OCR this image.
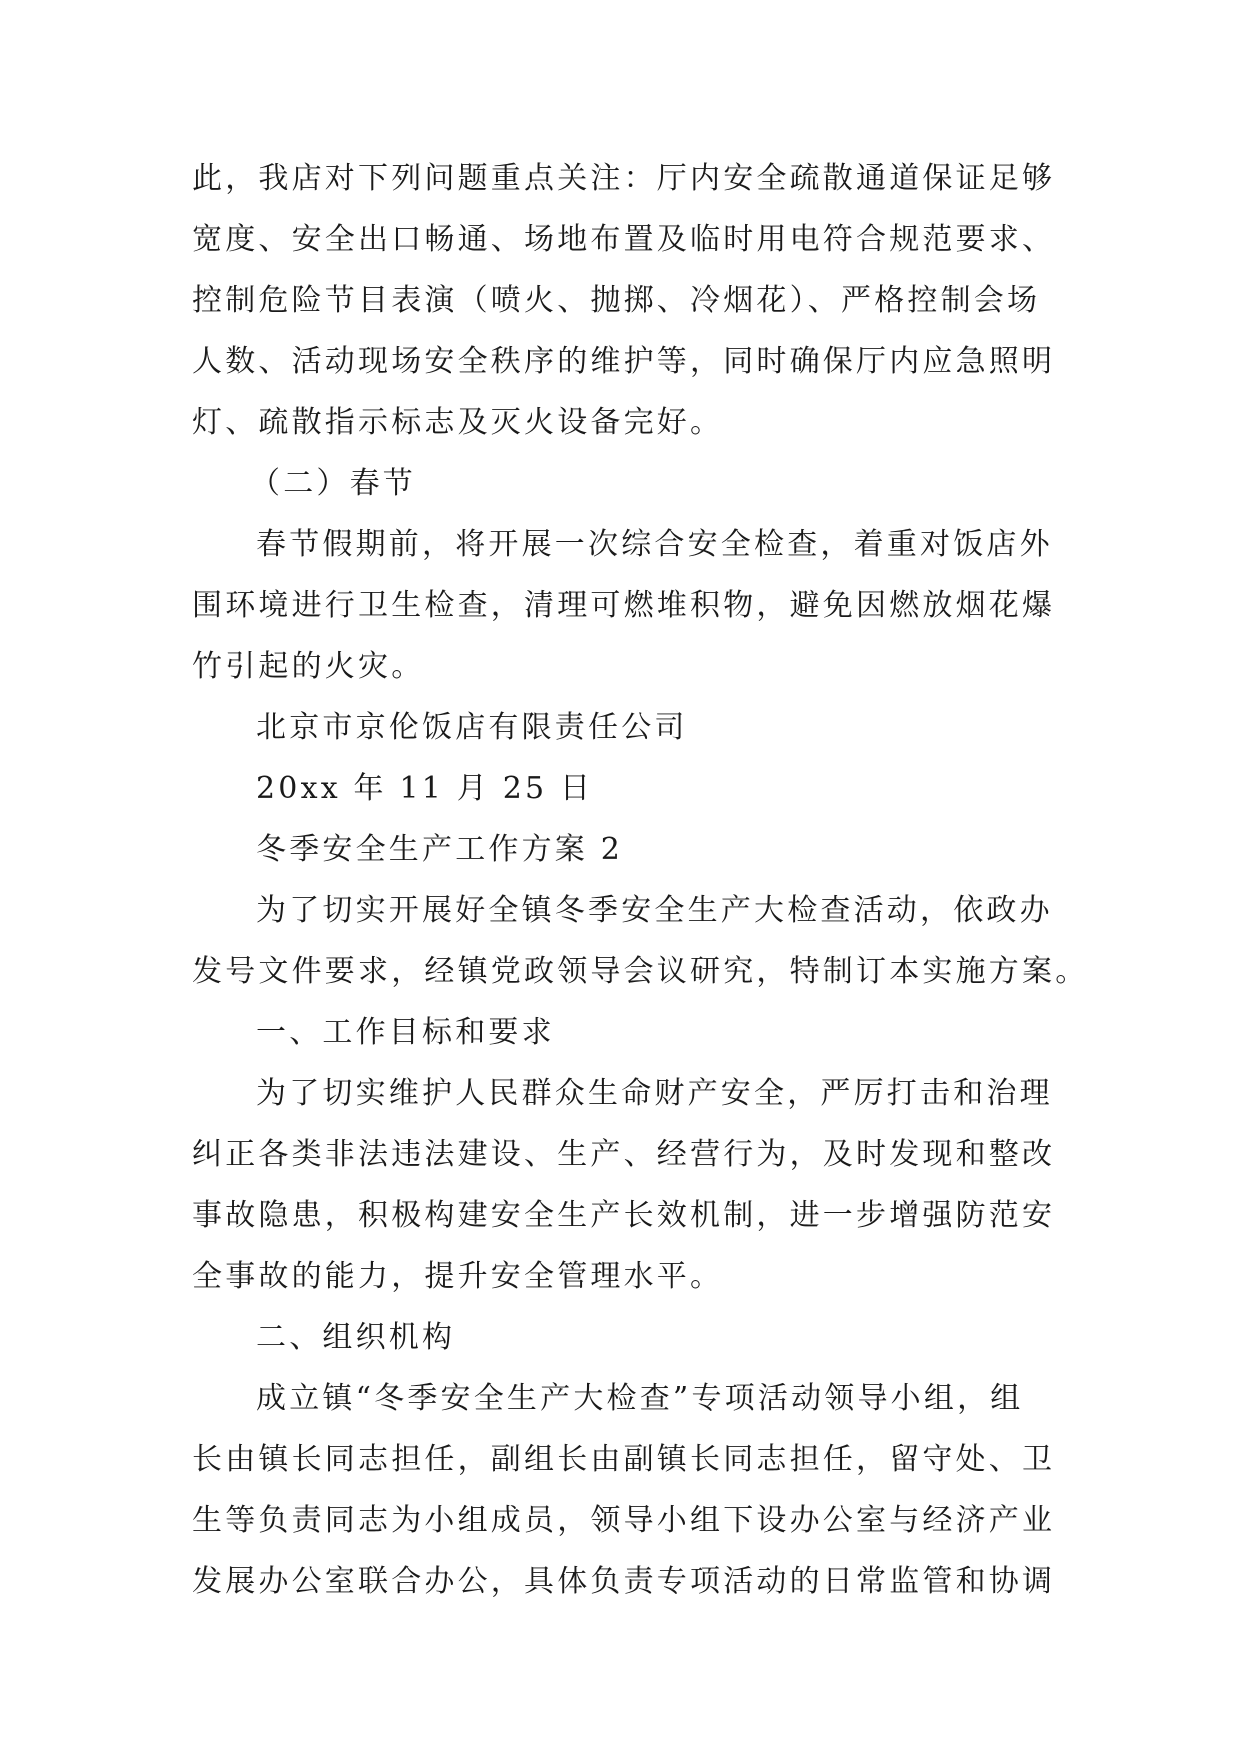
此，我店对下列问题重点关注：厅内安全疏散通道保证足够
宽度、安全出口畅通、场地布置及临时用电符合规范要求、
控制危险节目表演（喷火、抛掷、冷烟花）、严格控制会场
人数、活动现场安全秩序的维护等，同时确保厅内应急照明
灯、疏散指示标志及灭火设备完好。
（二）春节
春节假期前，将开展一次综合安全检查，着重对饭店外
围环境进行卫生检查，清理可燃堆积物，避免因燃放烟花爆
竹引起的火灾。
北京市京伦饭店有限责任公司
20xx 年 11 月 25 日
冬季安全生产工作方案 2
为了切实开展好全镇冬季安全生产大检查活动，依政办
发号文件要求，经镇党政领导会议研究，特制订本实施方案。
一、工作目标和要求
为了切实维护人民群众生命财产安全，严厉打击和治理
纠正各类非法违法建设、生产、经营行为，及时发现和整改
事故隐患，积极构建安全生产长效机制，进一步增强防范安
全事故的能力，提升安全管理水平。
二、组织机构
成立镇“冬季安全生产大检查”专项活动领导小组，组
长由镇长同志担任，副组长由副镇长同志担任，留守处、卫
生等负责同志为小组成员，领导小组下设办公室与经济产业
发展办公室联合办公，具体负责专项活动的日常监管和协调
